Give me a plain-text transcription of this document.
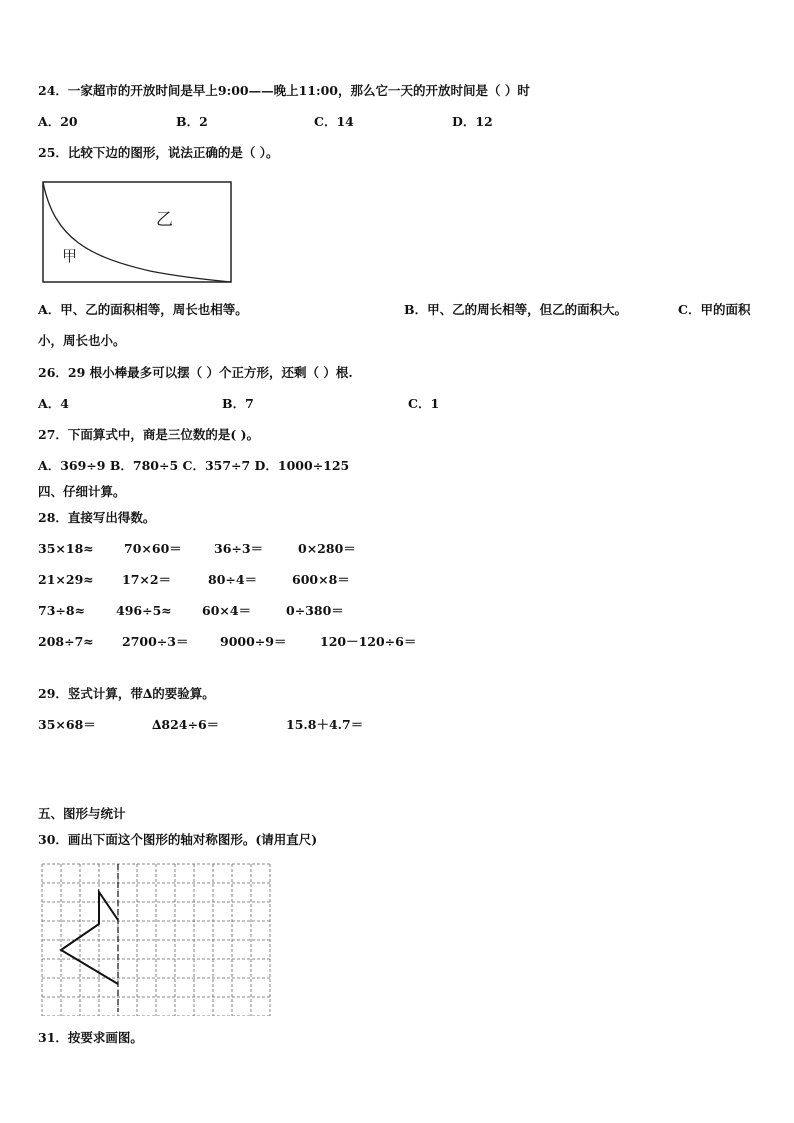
24．一家超市的开放时间是早上9:00——晚上11:00，那么它一天的开放时间是（ ）时
A．20	B．2	C．14	D．12
25．比较下边的图形，说法正确的是（ ）。
乙
甲
A．甲、乙的面积相等，周长也相等。	B．甲、乙的周长相等，但乙的面积大。	C．甲的面积
小，周长也小。
26．29 根小棒最多可以摆（ ）个正方形，还剩（ ）根.
A．4	B．7	C．1
27．下面算式中，商是三位数的是( )。
A．369÷9 B．780÷5 C．357÷7 D．1000÷125
四、仔细计算。
28．直接写出得数。
35×18≈ 70×60＝	36÷3＝	0×280＝
21×29≈ 17×2＝	80÷4＝	600×8＝
73÷8≈ 496÷5≈ 60×4＝	0÷380＝
208÷7≈ 2700÷3＝	9000÷9＝	120－120÷6＝
29．竖式计算，带∆的要验算。
35×68＝	∆824÷6＝	15.8＋4.7＝
五、图形与统计
30．画出下面这个图形的轴对称图形。(请用直尺)
31．按要求画图。
